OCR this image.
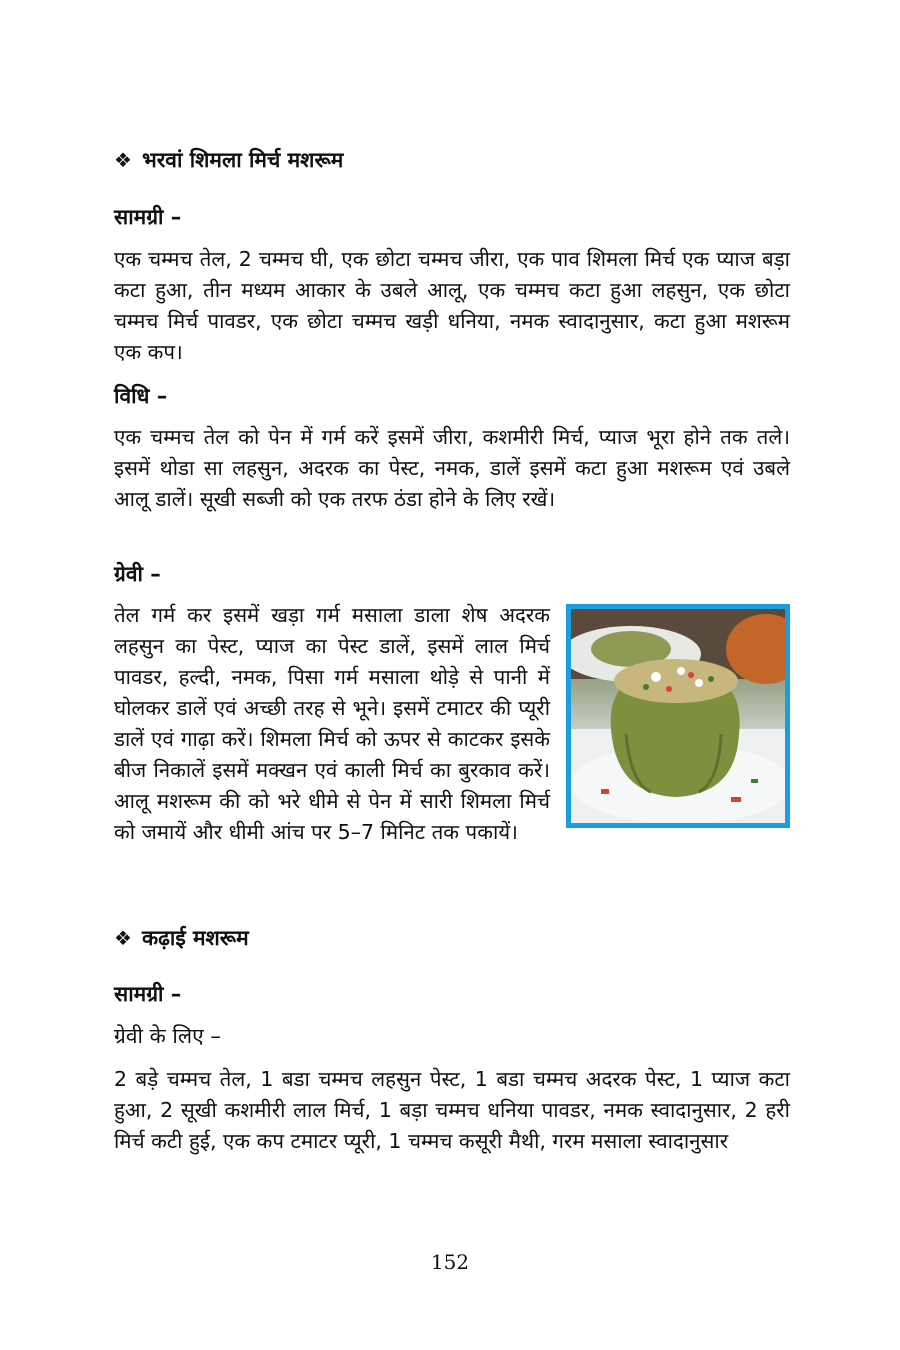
❖ भरवां शिमला मिर्च मशरूम
सामग्री –
एक चम्मच तेल, 2 चम्मच घी, एक छोटा चम्मच जीरा, एक पाव शिमला मिर्च एक प्याज बड़ा कटा हुआ, तीन मध्यम आकार के उबले आलू, एक चम्मच कटा हुआ लहसुन, एक छोटा चम्मच मिर्च पावडर, एक छोटा चम्मच खड़ी धनिया, नमक स्वादानुसार, कटा हुआ मशरूम एक कप।
विधि –
एक चम्मच तेल को पेन में गर्म करें इसमें जीरा, कशमीरी मिर्च, प्याज भूरा होने तक तले। इसमें थोडा सा लहसुन, अदरक का पेस्ट, नमक, डालें इसमें कटा हुआ मशरूम एवं उबले आलू डालें। सूखी सब्जी को एक तरफ ठंडा होने के लिए रखें।
ग्रेवी –
तेल गर्म कर इसमें खड़ा गर्म मसाला डाला शेष अदरक लहसुन का पेस्ट, प्याज का पेस्ट डालें, इसमें लाल मिर्च पावडर, हल्दी, नमक, पिसा गर्म मसाला थोड़े से पानी में घोलकर डालें एवं अच्छी तरह से भूने। इसमें टमाटर की प्यूरी डालें एवं गाढ़ा करें। शिमला मिर्च को ऊपर से काटकर इसके बीज निकालें इसमें मक्खन एवं काली मिर्च का बुरकाव करें। आलू मशरूम की को भरे धीमे से पेन में सारी शिमला मिर्च को जमायें और धीमी आंच पर 5–7 मिनिट तक पकायें।
❖ कढ़ाई मशरूम
सामग्री –
ग्रेवी के लिए –
2 बड़े चम्मच तेल, 1 बडा चम्मच लहसुन पेस्ट, 1 बडा चम्मच अदरक पेस्ट, 1 प्याज कटा हुआ, 2 सूखी कशमीरी लाल मिर्च, 1 बड़ा चम्मच धनिया पावडर, नमक स्वादानुसार, 2 हरी मिर्च कटी हुई, एक कप टमाटर प्यूरी, 1 चम्मच कसूरी मैथी, गरम मसाला स्वादानुसार
152
